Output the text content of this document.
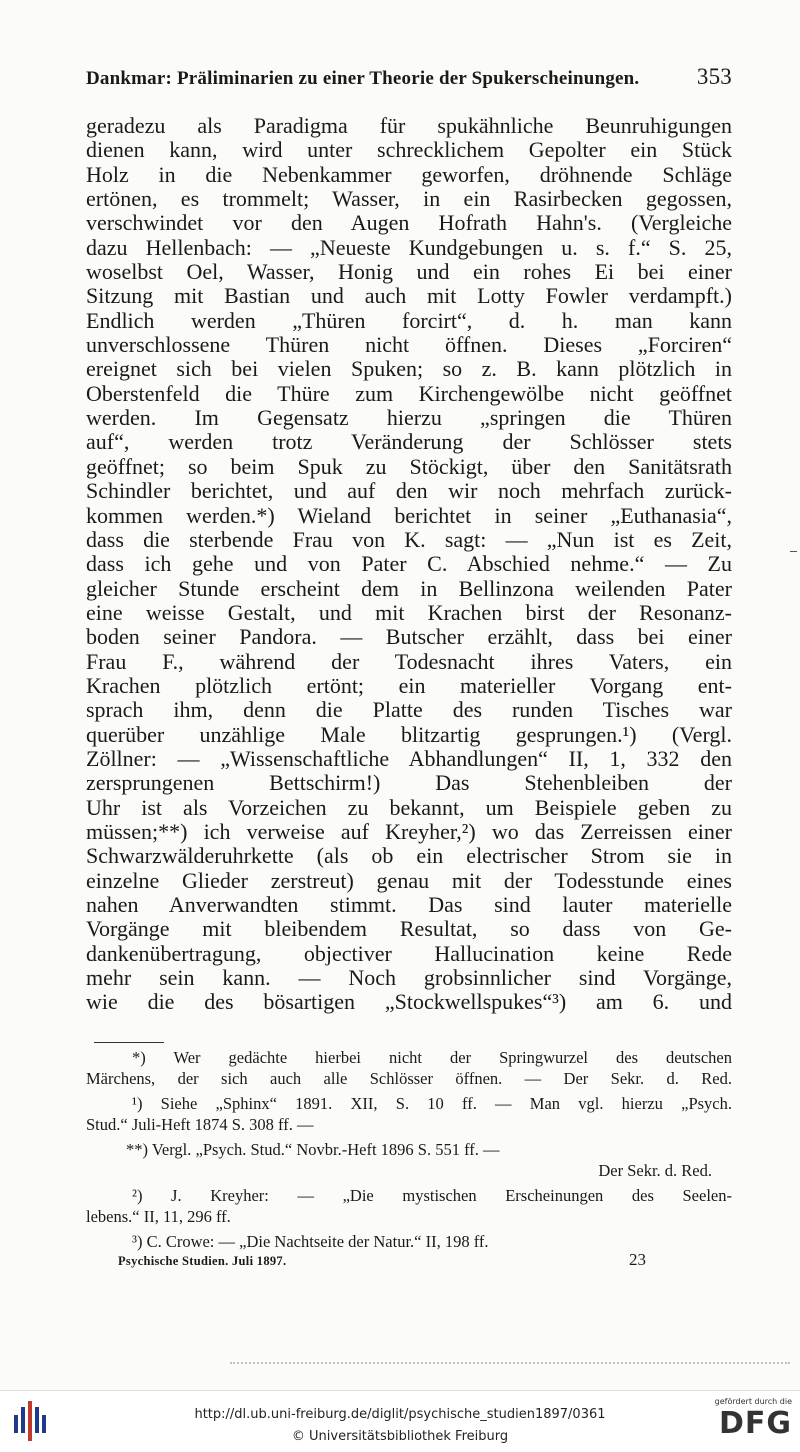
Dankmar: Präliminarien zu einer Theorie der Spukerscheinungen.	353
geradezu als Paradigma für spukähnliche Beunruhigungen
dienen kann, wird unter schrecklichem Gepolter ein Stück
Holz in die Nebenkammer geworfen, dröhnende Schläge
ertönen, es trommelt; Wasser, in ein Rasirbecken gegossen,
verschwindet vor den Augen Hofrath Hahn's. (Vergleiche
dazu Hellenbach: — „Neueste Kundgebungen u. s. f.“ S. 25,
woselbst Oel, Wasser, Honig und ein rohes Ei bei einer
Sitzung mit Bastian und auch mit Lotty Fowler verdampft.)
Endlich werden „Thüren forcirt“, d. h. man kann
unverschlossene Thüren nicht öffnen. Dieses „Forciren“
ereignet sich bei vielen Spuken; so z. B. kann plötzlich in
Oberstenfeld die Thüre zum Kirchengewölbe nicht geöffnet
werden. Im Gegensatz hierzu „springen die Thüren
auf“, werden trotz Veränderung der Schlösser stets
geöffnet; so beim Spuk zu Stöckigt, über den Sanitätsrath
Schindler berichtet, und auf den wir noch mehrfach zurück-
kommen werden.*) Wieland berichtet in seiner „Euthanasia“,
dass die sterbende Frau von K. sagt: — „Nun ist es Zeit,
dass ich gehe und von Pater C. Abschied nehme.“ — Zu
gleicher Stunde erscheint dem in Bellinzona weilenden Pater
eine weisse Gestalt, und mit Krachen birst der Resonanz-
boden seiner Pandora. — Butscher erzählt, dass bei einer
Frau F., während der Todesnacht ihres Vaters, ein
Krachen plötzlich ertönt; ein materieller Vorgang ent-
sprach ihm, denn die Platte des runden Tisches war
querüber unzählige Male blitzartig gesprungen.¹) (Vergl.
Zöllner: — „Wissenschaftliche Abhandlungen“ II, 1, 332 den
zersprungenen Bettschirm!) Das Stehenbleiben der
Uhr ist als Vorzeichen zu bekannt, um Beispiele geben zu
müssen;**) ich verweise auf Kreyher,²) wo das Zerreissen einer
Schwarzwälderuhrkette (als ob ein electrischer Strom sie in
einzelne Glieder zerstreut) genau mit der Todesstunde eines
nahen Anverwandten stimmt. Das sind lauter materielle
Vorgänge mit bleibendem Resultat, so dass von Ge-
dankenübertragung, objectiver Hallucination keine Rede
mehr sein kann. — Noch grobsinnlicher sind Vorgänge,
wie die des bösartigen „Stockwellspukes“³) am 6. und
*) Wer gedächte hierbei nicht der Springwurzel des deutschen
Märchens, der sich auch alle Schlösser öffnen. — Der Sekr. d. Red.
¹) Siehe „Sphinx“ 1891. XII, S. 10 ff. — Man vgl. hierzu „Psych.
Stud.“ Juli-Heft 1874 S. 308 ff. —
**) Vergl. „Psych. Stud.“ Novbr.-Heft 1896 S. 551 ff. —
Der Sekr. d. Red.
²) J. Kreyher: — „Die mystischen Erscheinungen des Seelen-
lebens.“ II, 11, 296 ff.
³) C. Crowe: — „Die Nachtseite der Natur.“ II, 198 ff.
Psychische Studien. Juli 1897.	23
http://dl.ub.uni-freiburg.de/diglit/psychische_studien1897/0361
© Universitätsbibliothek Freiburg
gefördert durch die
DFG
